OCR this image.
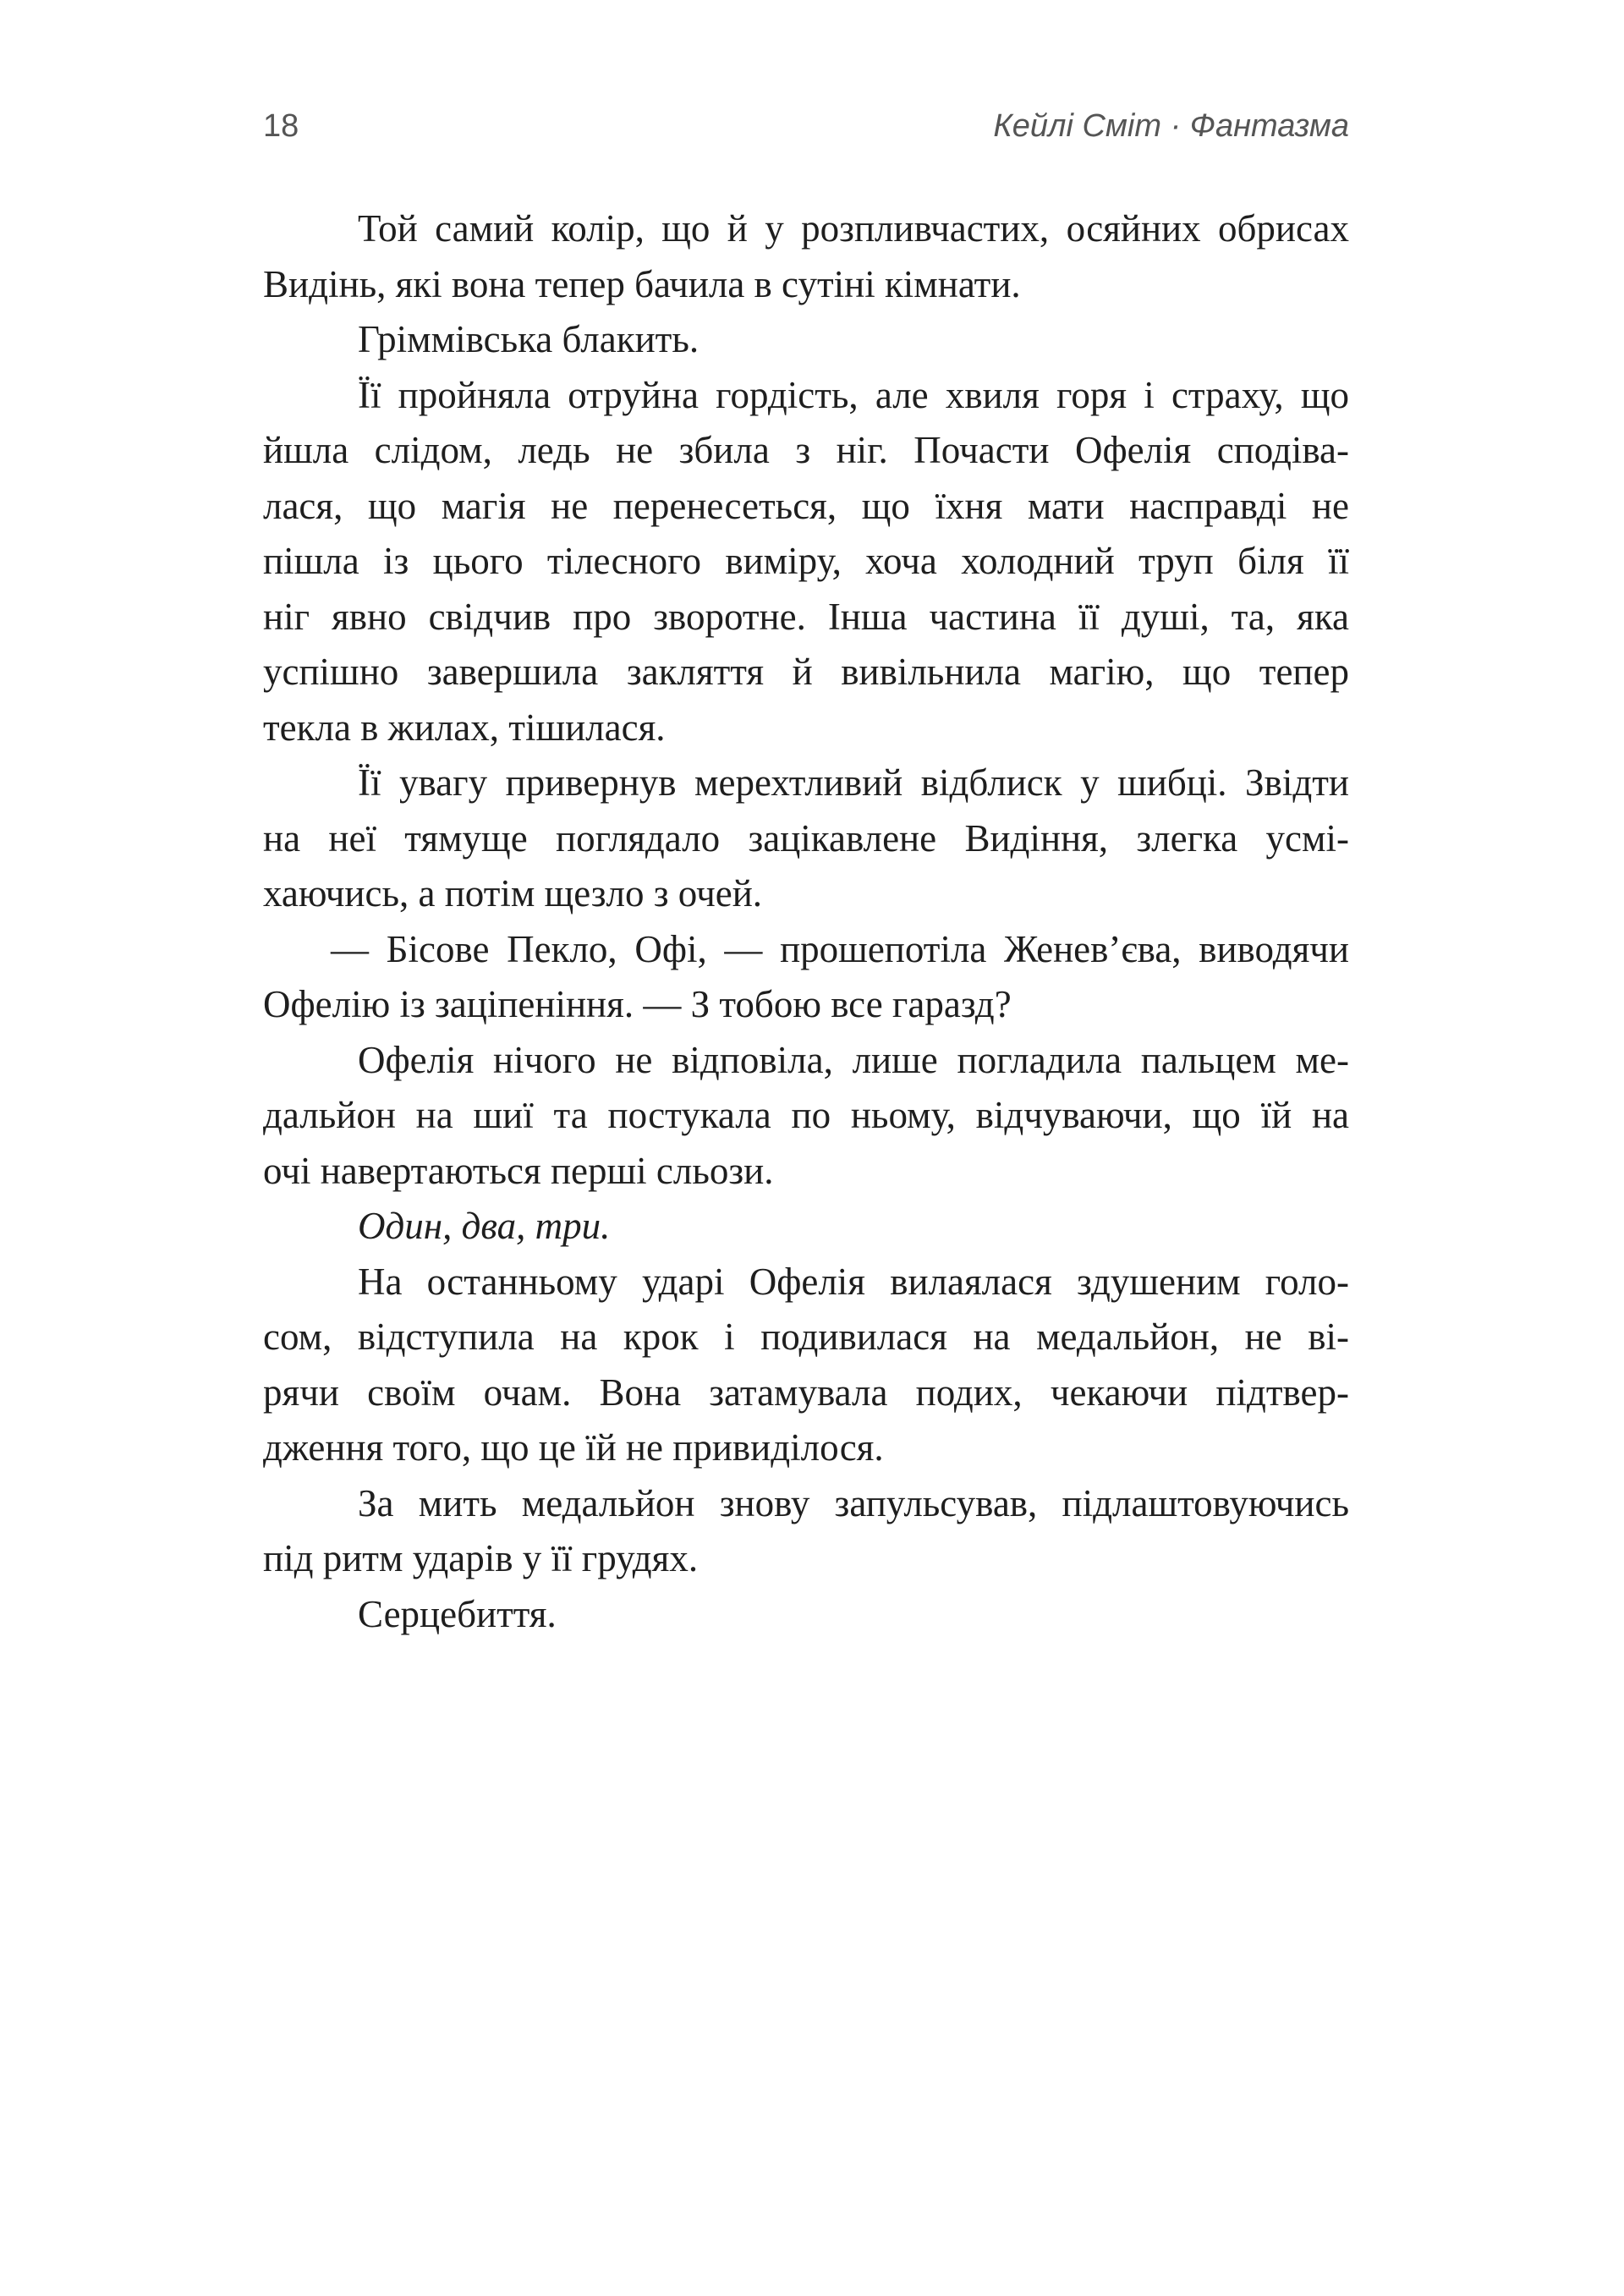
18	Кейлі Сміт · Фантазма
Той самий колір, що й у розпливчастих, осяйних обрисах
Видінь, які вона тепер бачила в сутіні кімнати.
Гріммівська блакить.
Її пройняла отруйна гордість, але хвиля горя і страху, що
йшла слідом, ледь не збила з ніг. Почасти Офелія сподіва-
лася, що магія не перенесеться, що їхня мати насправді не
пішла із цього тілесного виміру, хоча холодний труп біля її
ніг явно свідчив про зворотне. Інша частина її душі, та, яка
успішно завершила закляття й вивільнила магію, що тепер
текла в жилах, тішилася.
Її увагу привернув мерехтливий відблиск у шибці. Звідти
на неї тямуще поглядало зацікавлене Видіння, злегка усмі-
хаючись, а потім щезло з очей.
— Бісове Пекло, Офі, — прошепотіла Женев’єва, виводячи
Офелію із заціпеніння. — З тобою все гаразд?
Офелія нічого не відповіла, лише погладила пальцем ме-
дальйон на шиї та постукала по ньому, відчуваючи, що їй на
очі навертаються перші сльози.
Один, два, три.
На останньому ударі Офелія вилаялася здушеним голо-
сом, відступила на крок і подивилася на медальйон, не ві-
рячи своїм очам. Вона затамувала подих, чекаючи підтвер-
дження того, що це їй не привиділося.
За мить медальйон знову запульсував, підлаштовуючись
під ритм ударів у її грудях.
Серцебиття.
